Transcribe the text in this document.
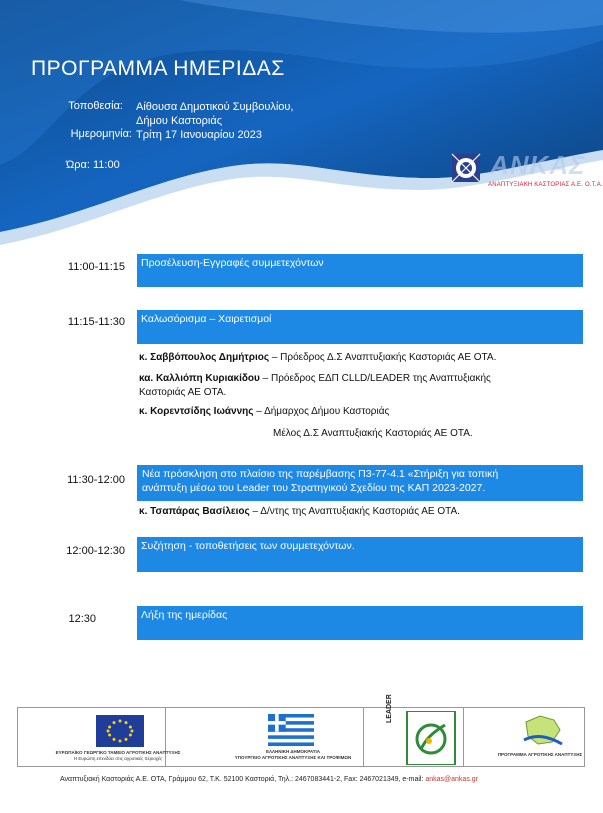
ΠΡΟΓΡΑΜΜΑ ΗΜΕΡΙΔΑΣ
Τοποθεσία: Αίθουσα Δημοτικού Συμβουλίου,
Δήμου Καστοριάς
Ημερομηνία: Τρίτη 17 Ιανουαρίου 2023
Ώρα: 11:00	ΑΝΚΑΣ
ΑΝΑΠΤΥΞΙΑΚΗ ΚΑΣΤΟΡΙΑΣ Α.Ε. Ο.Τ.Α.
11:00-11:15	Προσέλευση-Εγγραφές συμμετεχόντων
11:15-11:30	Καλωσόρισμα – Χαιρετισμοί
κ. Σαββόπουλος Δημήτριος – Πρόεδρος Δ.Σ Αναπτυξιακής Καστοριάς ΑΕ ΟΤΑ.
κα. Καλλιόπη Κυριακίδου – Πρόεδρος ΕΔΠ CLLD/LEADER της Αναπτυξιακής
Καστοριάς ΑΕ ΟΤΑ.
κ. Κορεντσίδης Ιωάννης – Δήμαρχος Δήμου Καστοριάς
Μέλος Δ.Σ Αναπτυξιακής Καστοριάς ΑΕ ΟΤΑ.
11:30-12:00 Νέα πρόσκληση στο πλαίσιο της παρέμβασης Π3-77-4.1 «Στήριξη για τοπική
ανάπτυξη μέσω του Leader του Στρατηγικού Σχεδίου της ΚΑΠ 2023-2027.
κ. Τσαπάρας Βασίλειος – Δ/ντης της Αναπτυξιακής Καστοριάς ΑΕ ΟΤΑ.
12:00-12:30	Συζήτηση - τοποθετήσεις των συμμετεχόντων.
12:30	Λήξη της ημερίδας
ΕΥΡΩΠΑΪΚΟ ΓΕΩΡΓΙΚΟ ΤΑΜΕΙΟ ΑΓΡΟΤΙΚΗΣ ΑΝΑΠΤΥΞΗΣ
Η Ευρώπη επενδύει στις αγροτικές περιοχές
ΕΛΛΗΝΙΚΗ ΔΗΜΟΚΡΑΤΙΑ
ΥΠΟΥΡΓΕΙΟ ΑΓΡΟΤΙΚΗΣ ΑΝΑΠΤΥΞΗΣ ΚΑΙ ΤΡΟΦΙΜΩΝ
LEADER
ΠΡΟΓΡΑΜΜΑ ΑΓΡΟΤΙΚΗΣ ΑΝΑΠΤΥΞΗΣ
Αναπτυξιακή Καστοριάς Α.Ε. ΟΤΑ, Γράμμου 62, Τ.Κ. 52100 Καστοριά, Τηλ.: 2467083441-2, Fax: 2467021349, e-mail: ankas@ankas.gr
